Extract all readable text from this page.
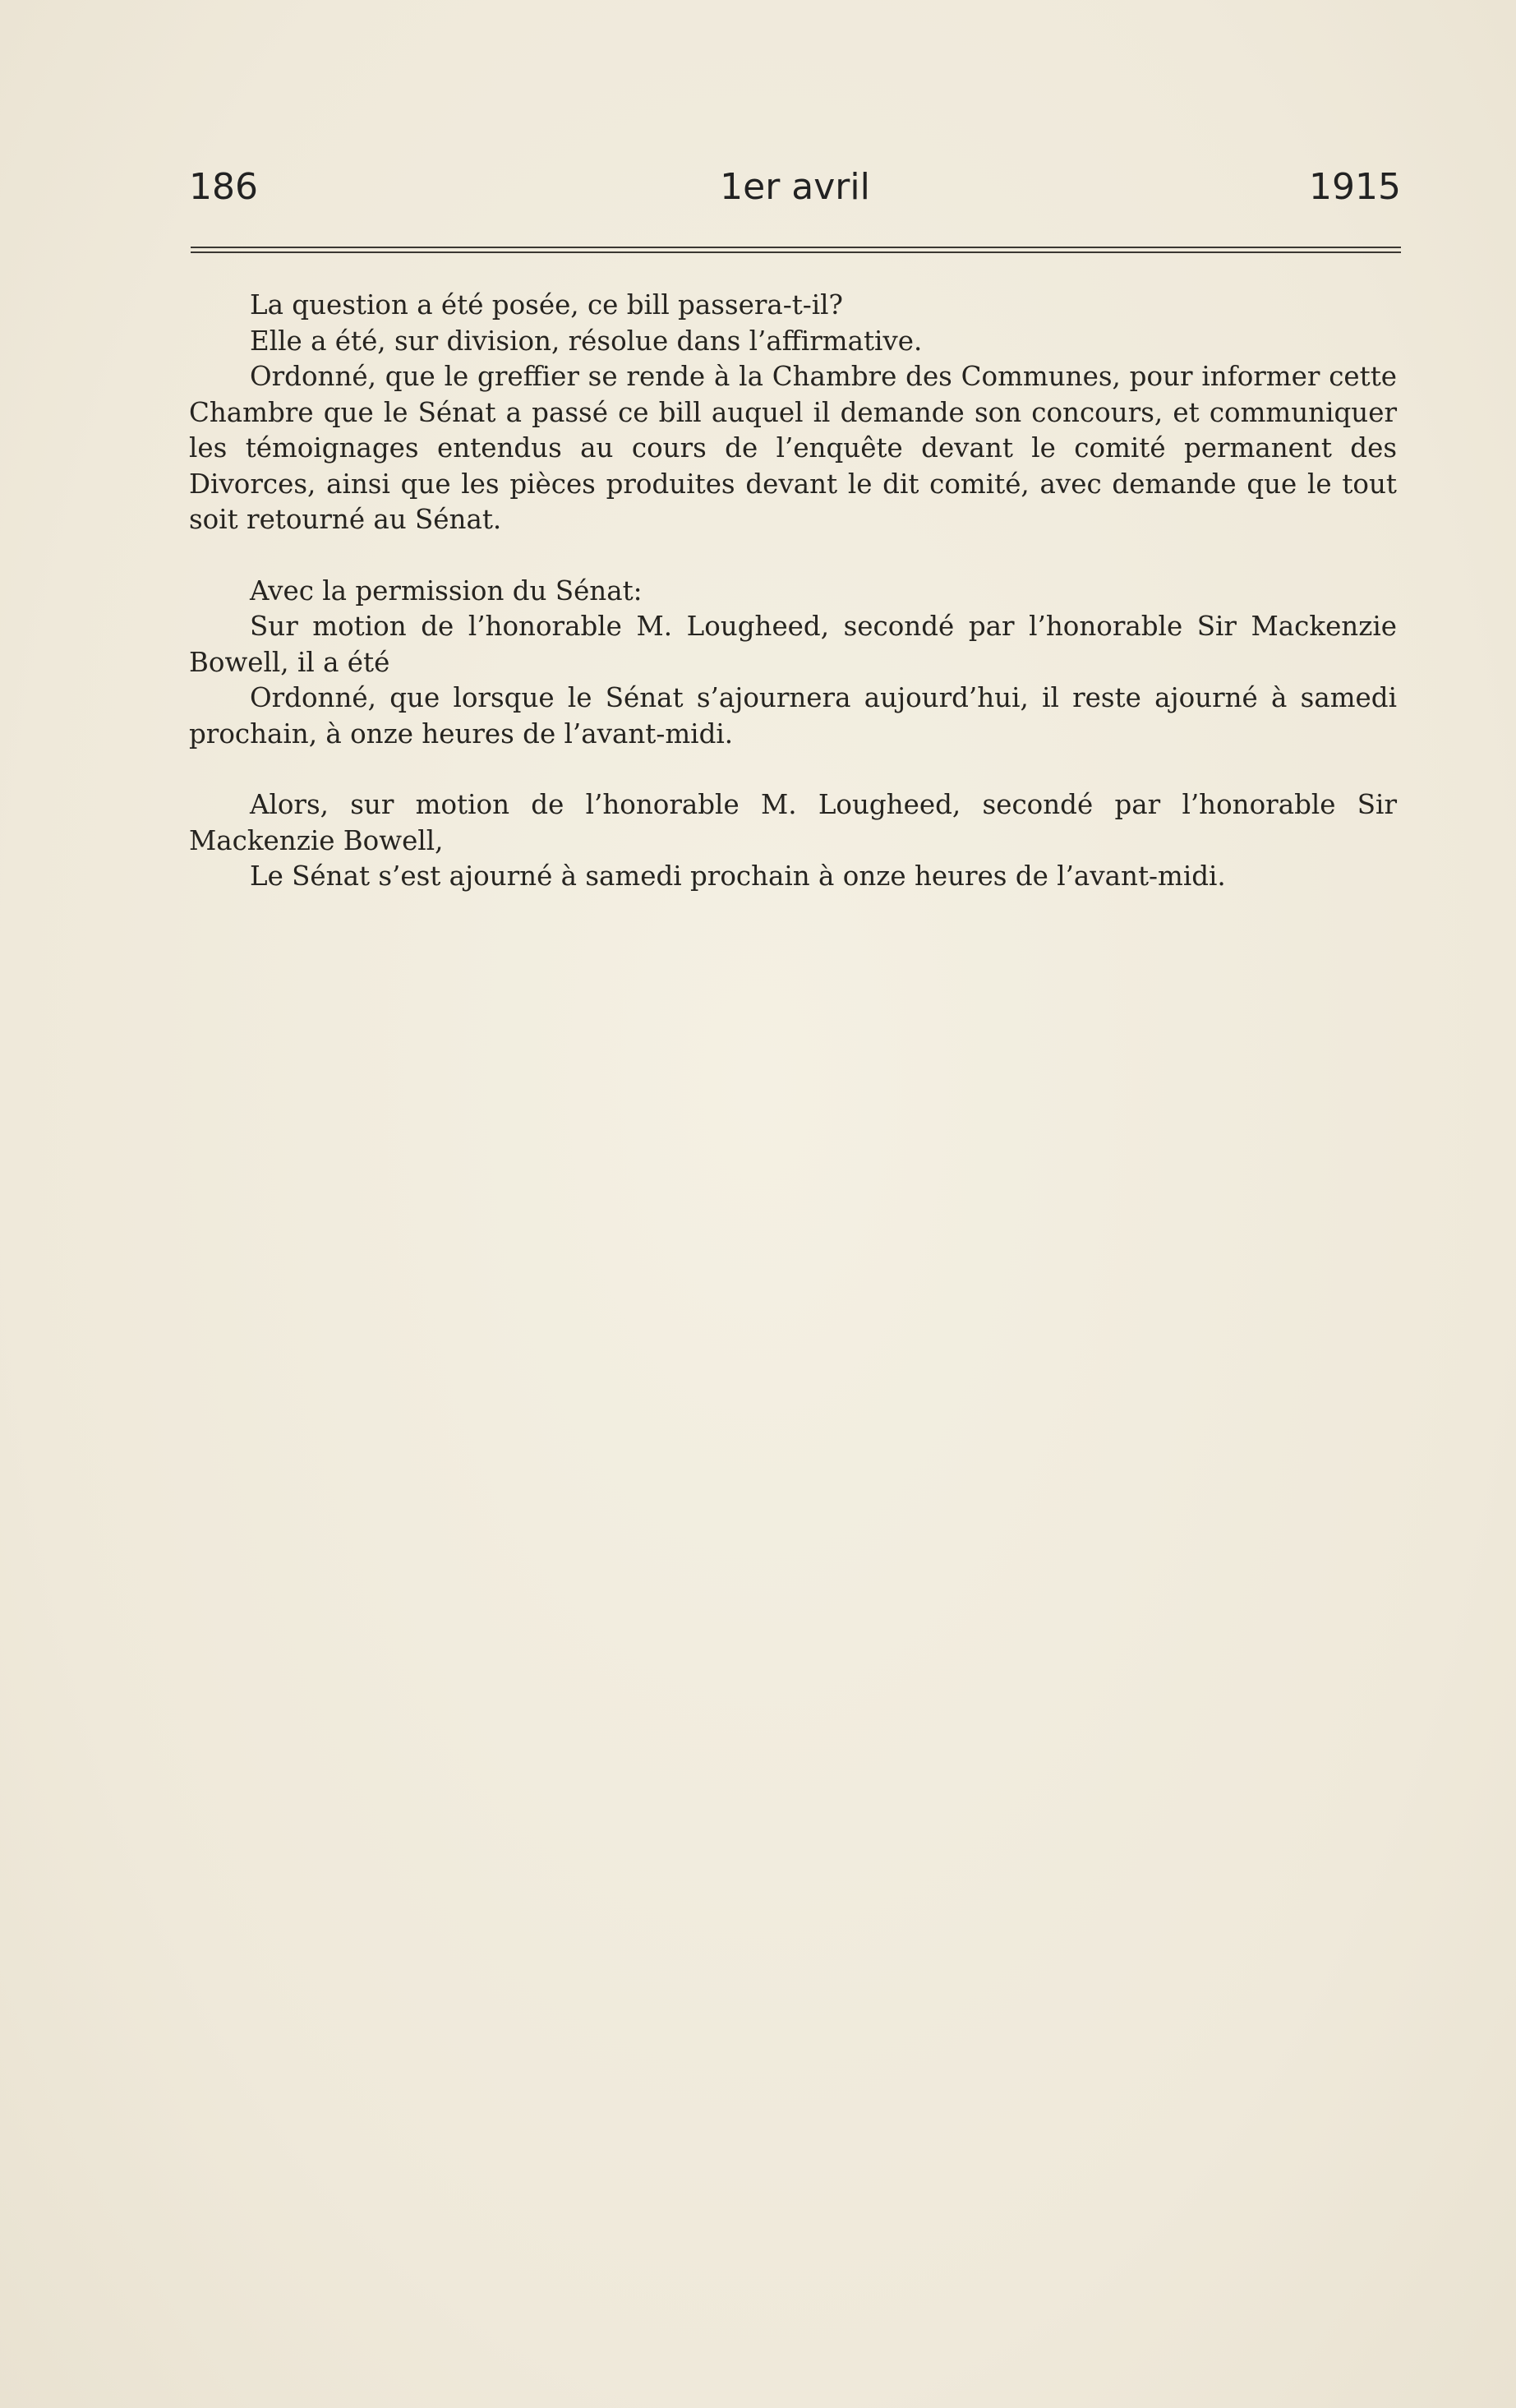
186	1er avril	1915

La question a été posée, ce bill passera-t-il?

Elle a été, sur division, résolue dans l’affirmative.

Ordonné, que le greffier se rende à la Chambre des Communes, pour informer cette Chambre que le Sénat a passé ce bill auquel il demande son concours, et communiquer les témoignages entendus au cours de l’enquête devant le comité permanent des Divorces, ainsi que les pièces produites devant le dit comité, avec demande que le tout soit retourné au Sénat.

Avec la permission du Sénat:

Sur motion de l’honorable M. Lougheed, secondé par l’honorable Sir Mackenzie Bowell, il a été

Ordonné, que lorsque le Sénat s’ajournera aujourd’hui, il reste ajourné à samedi prochain, à onze heures de l’avant-midi.

Alors, sur motion de l’honorable M. Lougheed, secondé par l’honorable Sir Mackenzie Bowell,

Le Sénat s’est ajourné à samedi prochain à onze heures de l’avant-midi.
